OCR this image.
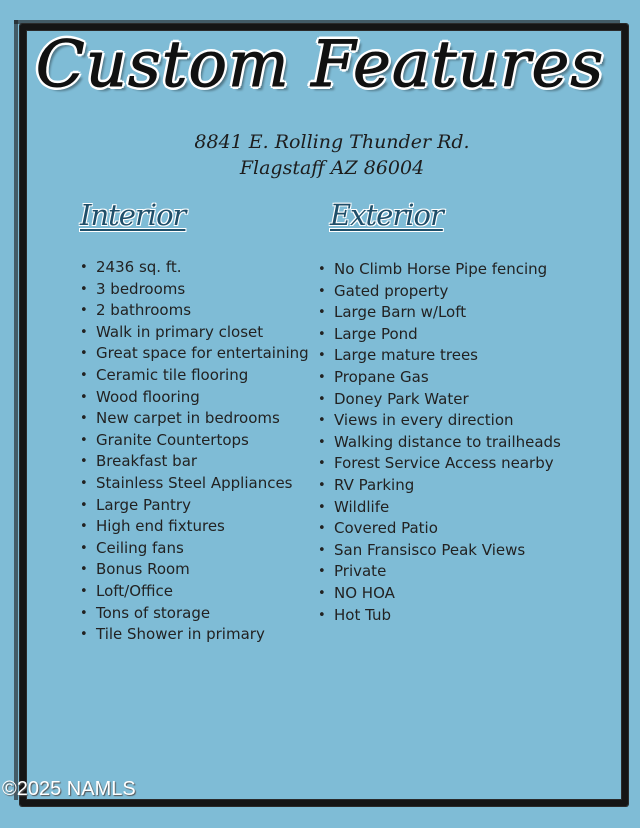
Custom Features
8841 E. Rolling Thunder Rd.
Flagstaff AZ 86004
Interior	Exterior
• 2436 sq. ft.
• 3 bedrooms
• 2 bathrooms
• Walk in primary closet
• Great space for entertaining
• Ceramic tile flooring
• Wood flooring
• New carpet in bedrooms
• Granite Countertops
• Breakfast bar
• Stainless Steel Appliances
• Large Pantry
• High end fixtures
• Ceiling fans
• Bonus Room
• Loft/Office
• Tons of storage
• Tile Shower in primary
• No Climb Horse Pipe fencing
• Gated property
• Large Barn w/Loft
• Large Pond
• Large mature trees
• Propane Gas
• Doney Park Water
• Views in every direction
• Walking distance to trailheads
• Forest Service Access nearby
• RV Parking
• Wildlife
• Covered Patio
• San Fransisco Peak Views
• Private
• NO HOA
• Hot Tub
©2025 NAMLS
